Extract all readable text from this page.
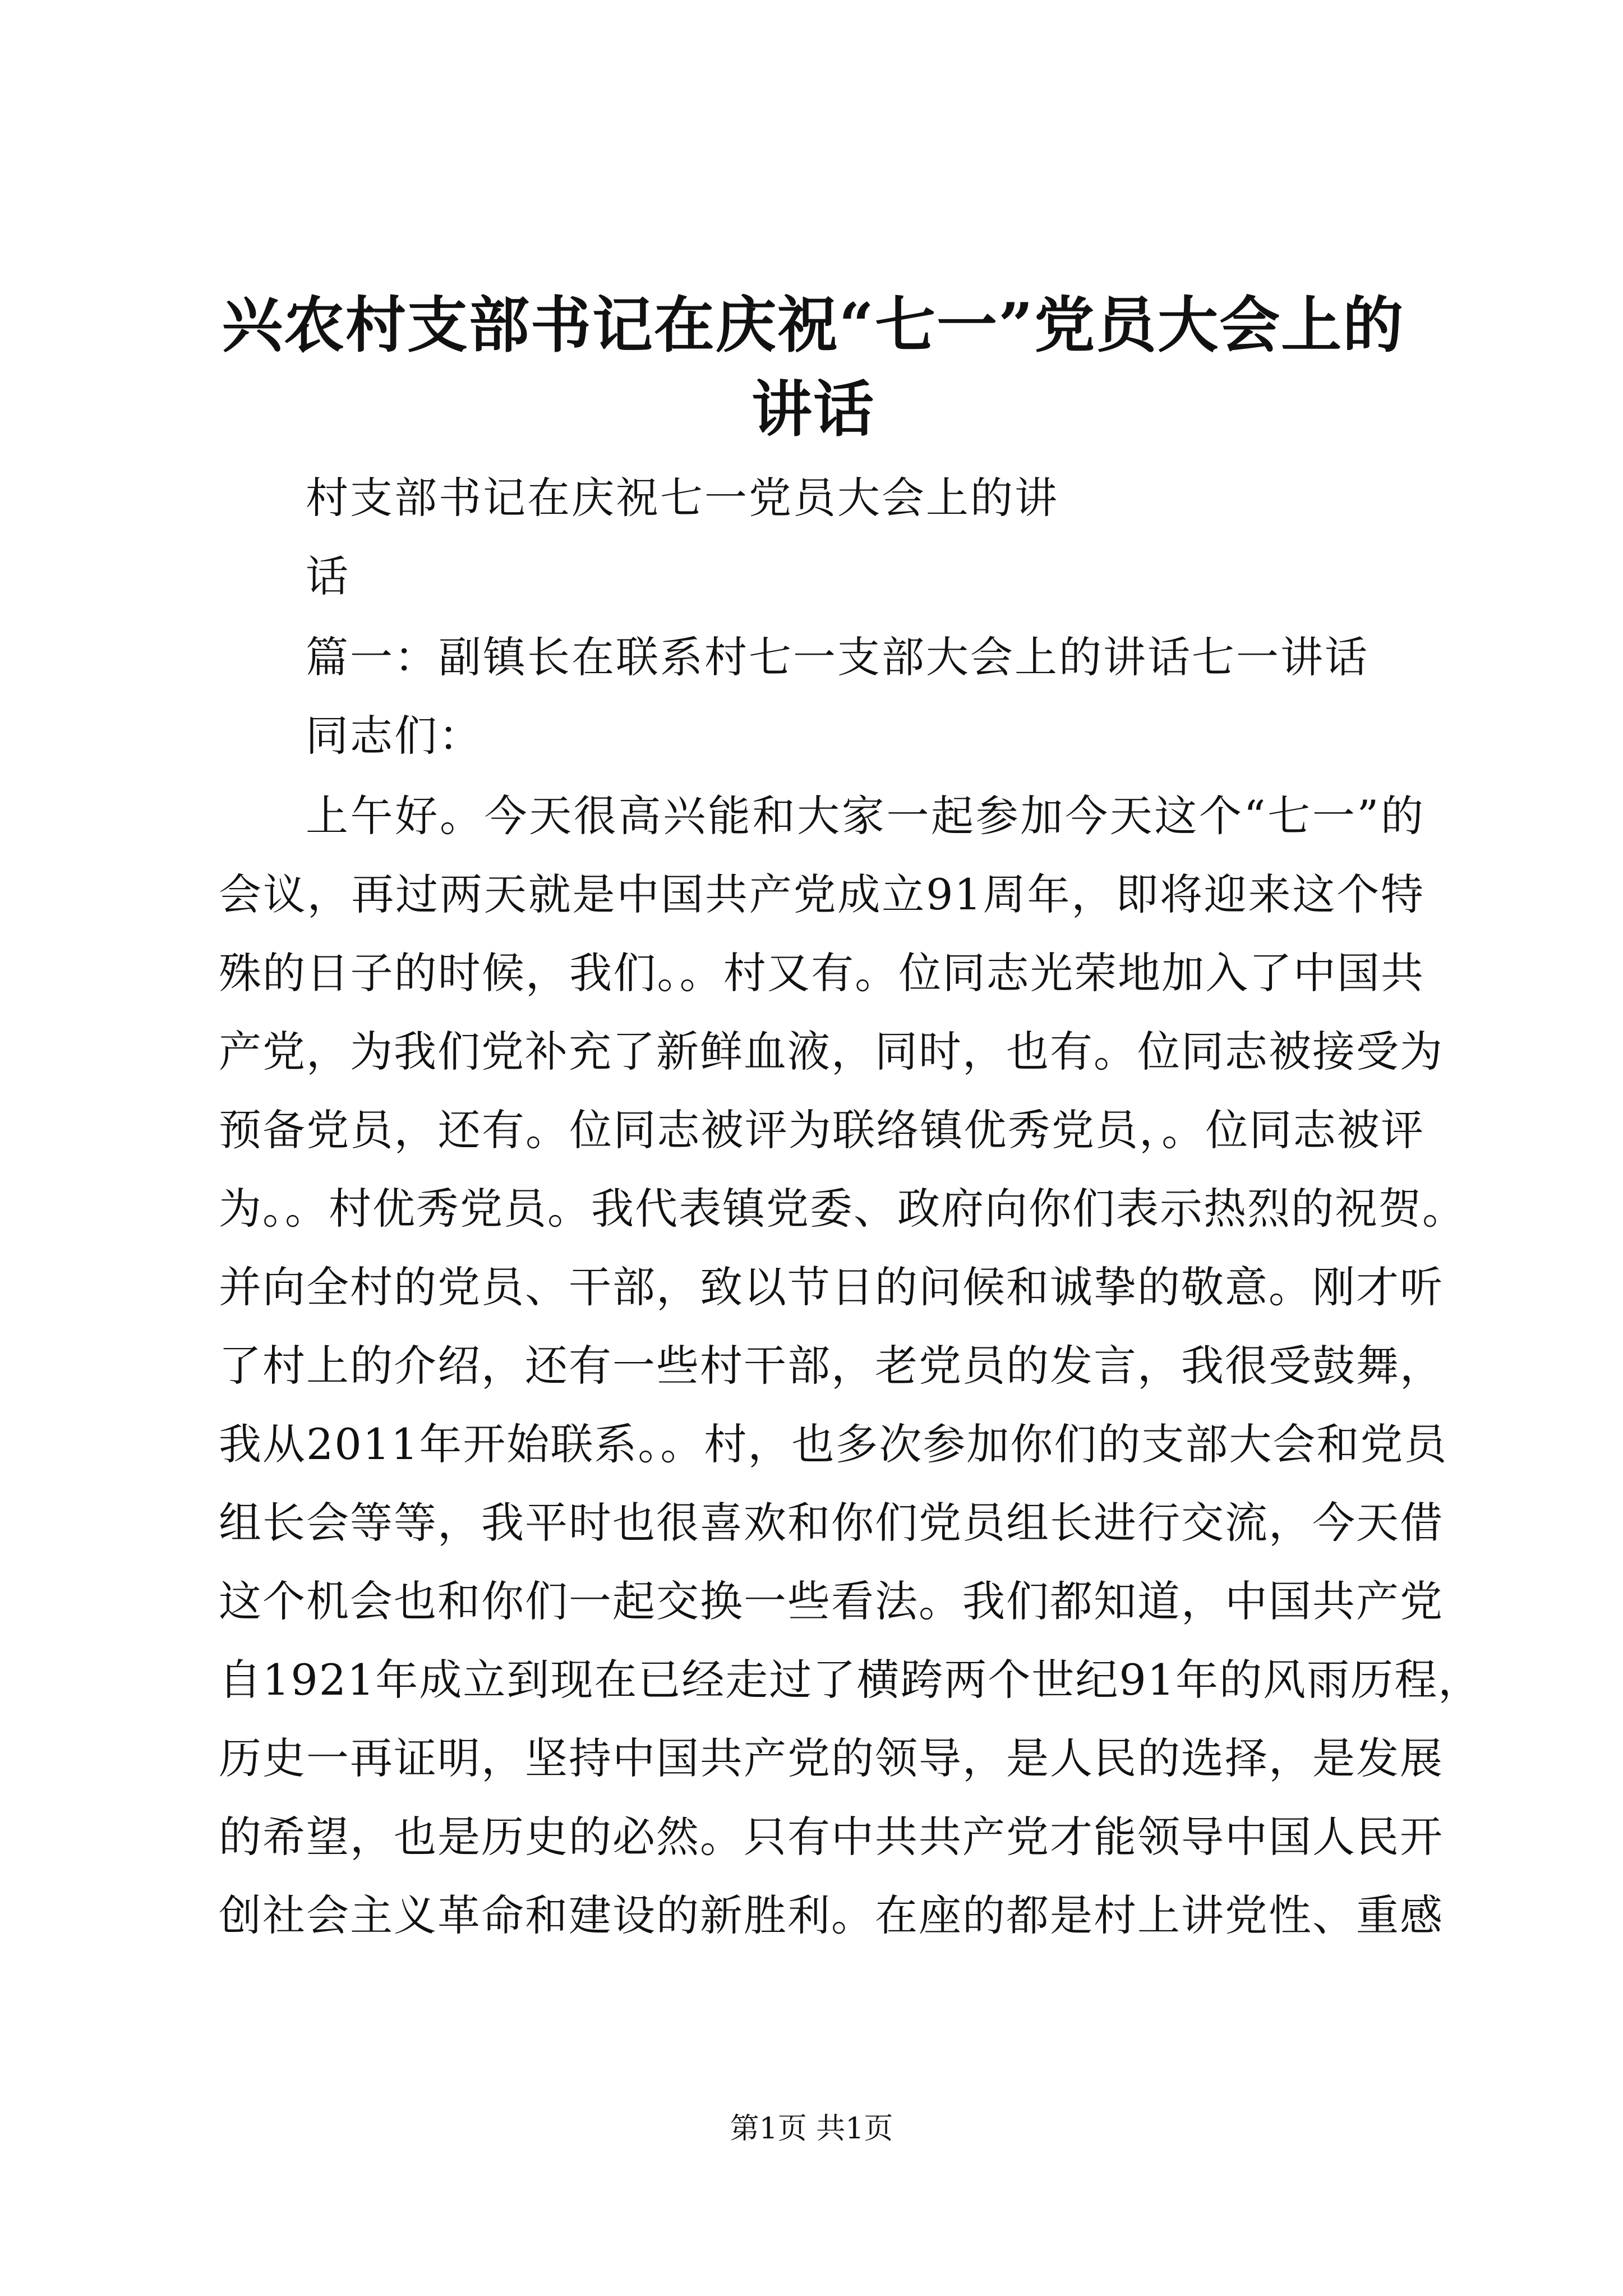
兴农村支部书记在庆祝“七一”党员大会上的
讲话
村支部书记在庆祝七一党员大会上的讲
话
篇一：副镇长在联系村七一支部大会上的讲话七一讲话
同志们：
上午好。今天很高兴能和大家一起参加今天这个“七一”的
会议，再过两天就是中国共产党成立91周年，即将迎来这个特
殊的日子的时候，我们。。村又有。位同志光荣地加入了中国共
产党，为我们党补充了新鲜血液，同时，也有。位同志被接受为
预备党员，还有。位同志被评为联络镇优秀党员，。位同志被评
为。。村优秀党员。我代表镇党委、政府向你们表示热烈的祝贺。
并向全村的党员、干部，致以节日的问候和诚挚的敬意。刚才听
了村上的介绍，还有一些村干部，老党员的发言，我很受鼓舞，
我从2011年开始联系。。村，也多次参加你们的支部大会和党员
组长会等等，我平时也很喜欢和你们党员组长进行交流，今天借
这个机会也和你们一起交换一些看法。我们都知道，中国共产党
自1921年成立到现在已经走过了横跨两个世纪91年的风雨历程，
历史一再证明，坚持中国共产党的领导，是人民的选择，是发展
的希望，也是历史的必然。只有中共共产党才能领导中国人民开
创社会主义革命和建设的新胜利。在座的都是村上讲党性、重感
第1页 共1页
